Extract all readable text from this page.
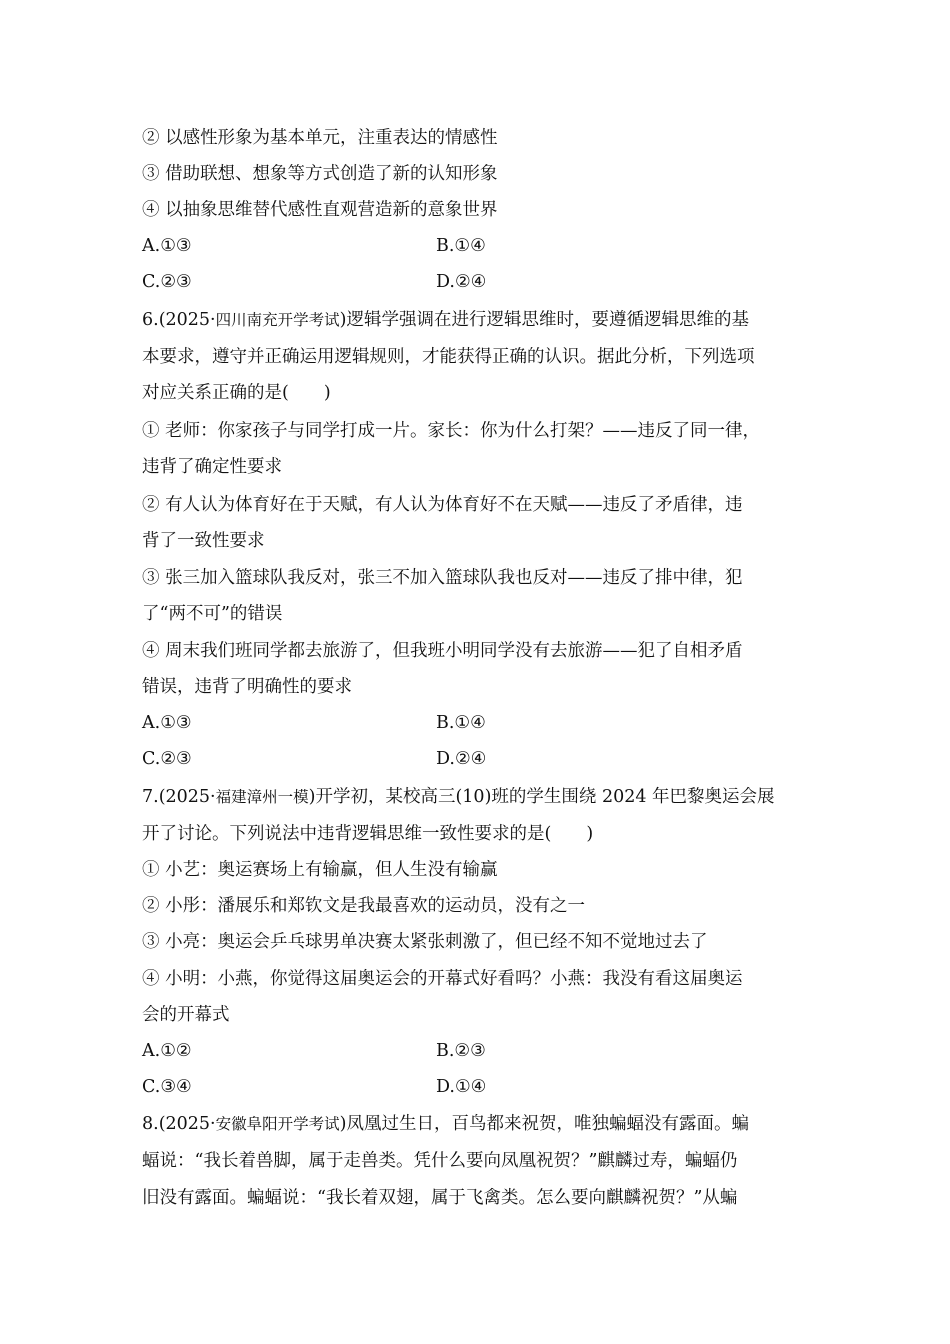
② 以感性形象为基本单元，注重表达的情感性
③ 借助联想、想象等方式创造了新的认知形象
④ 以抽象思维替代感性直观营造新的意象世界
A.①③	B.①④
C.②③	D.②④
6.(2025·四川南充开学考试)逻辑学强调在进行逻辑思维时，要遵循逻辑思维的基
本要求，遵守并正确运用逻辑规则，才能获得正确的认识。据此分析，下列选项
对应关系正确的是(　　)
① 老师：你家孩子与同学打成一片。家长：你为什么打架？——违反了同一律，
违背了确定性要求
② 有人认为体育好在于天赋，有人认为体育好不在天赋——违反了矛盾律，违
背了一致性要求
③ 张三加入篮球队我反对，张三不加入篮球队我也反对——违反了排中律，犯
了“两不可”的错误
④ 周末我们班同学都去旅游了，但我班小明同学没有去旅游——犯了自相矛盾
错误，违背了明确性的要求
A.①③	B.①④
C.②③	D.②④
7.(2025·福建漳州一模)开学初，某校高三(10)班的学生围绕 2024 年巴黎奥运会展
开了讨论。下列说法中违背逻辑思维一致性要求的是(　　)
① 小艺：奥运赛场上有输赢，但人生没有输赢
② 小彤：潘展乐和郑钦文是我最喜欢的运动员，没有之一
③ 小亮：奥运会乒乓球男单决赛太紧张刺激了，但已经不知不觉地过去了
④ 小明：小燕，你觉得这届奥运会的开幕式好看吗？小燕：我没有看这届奥运
会的开幕式
A.①②	B.②③
C.③④	D.①④
8.(2025·安徽阜阳开学考试)凤凰过生日，百鸟都来祝贺，唯独蝙蝠没有露面。蝙
蝠说：“我长着兽脚，属于走兽类。凭什么要向凤凰祝贺？”麒麟过寿，蝙蝠仍
旧没有露面。蝙蝠说：“我长着双翅，属于飞禽类。怎么要向麒麟祝贺？”从蝙
